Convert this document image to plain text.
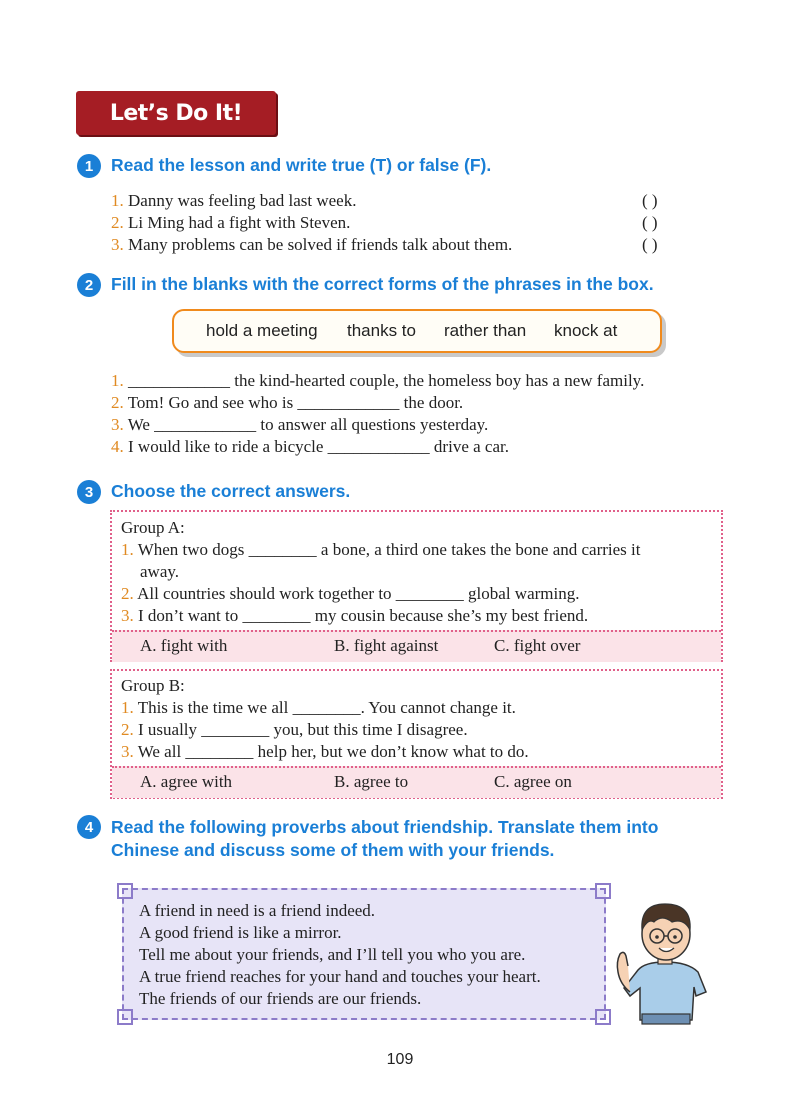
Let’s Do It!
1	Read the lesson and write true (T) or false (F).
1. Danny was feeling bad last week.	( )
2. Li Ming had a fight with Steven.	( )
3. Many problems can be solved if friends talk about them.	( )
2	Fill in the blanks with the correct forms of the phrases in the box.
hold a meeting thanks to rather than knock at
1. ____________ the kind-hearted couple, the homeless boy has a new family.
2. Tom! Go and see who is ____________ the door.
3. We ____________ to answer all questions yesterday.
4. I would like to ride a bicycle ____________ drive a car.
3	Choose the correct answers.
Group A:
1. When two dogs ________ a bone, a third one takes the bone and carries it
away.
2. All countries should work together to ________ global warming.
3. I don’t want to ________ my cousin because she’s my best friend.
A. fight with	B. fight against	C. fight over
Group B:
1. This is the time we all ________. You cannot change it.
2. I usually ________ you, but this time I disagree.
3. We all ________ help her, but we don’t know what to do.
A. agree with	B. agree to	C. agree on
4	Read the following proverbs about friendship. Translate them into
Chinese and discuss some of them with your friends.
A friend in need is a friend indeed.
A good friend is like a mirror.
Tell me about your friends, and I’ll tell you who you are.
A true friend reaches for your hand and touches your heart.
The friends of our friends are our friends.
109
